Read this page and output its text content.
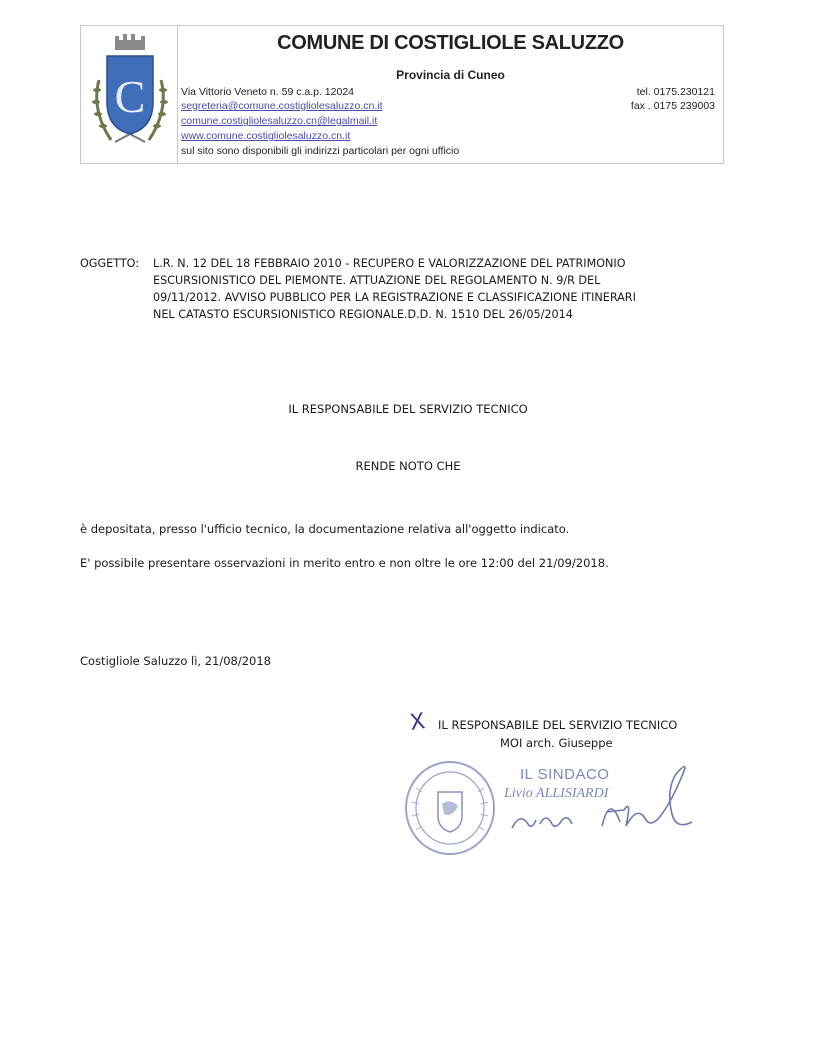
C
COMUNE DI COSTIGLIOLE SALUZZO
Provincia di Cuneo
Via Vittorio Veneto n. 59 c.a.p. 12024
segreteria@comune.costigliolesaluzzo.cn.it
comune.costigliolesaluzzo.cn@legalmail.it
www.comune.costigliolesaluzzo.cn.it
sul sito sono disponibili gli indirizzi particolari per ogni ufficio
tel. 0175.230121
fax . 0175 239003
OGGETTO: L.R. N. 12 DEL 18 FEBBRAIO 2010 - RECUPERO E VALORIZZAZIONE DEL PATRIMONIO
ESCURSIONISTICO DEL PIEMONTE. ATTUAZIONE DEL REGOLAMENTO N. 9/R DEL
09/11/2012. AVVISO PUBBLICO PER LA REGISTRAZIONE E CLASSIFICAZIONE ITINERARI
NEL CATASTO ESCURSIONISTICO REGIONALE.D.D. N. 1510 DEL 26/05/2014
IL RESPONSABILE DEL SERVIZIO TECNICO
RENDE NOTO CHE
è depositata, presso l'ufficio tecnico, la documentazione relativa all'oggetto indicato.
E' possibile presentare osservazioni in merito entro e non oltre le ore 12:00 del 21/09/2018.
Costigliole Saluzzo lì, 21/08/2018
X IL RESPONSABILE DEL SERVIZIO TECNICO
MOI arch. Giuseppe
IL SINDACO
Livio ALLISIARDI
